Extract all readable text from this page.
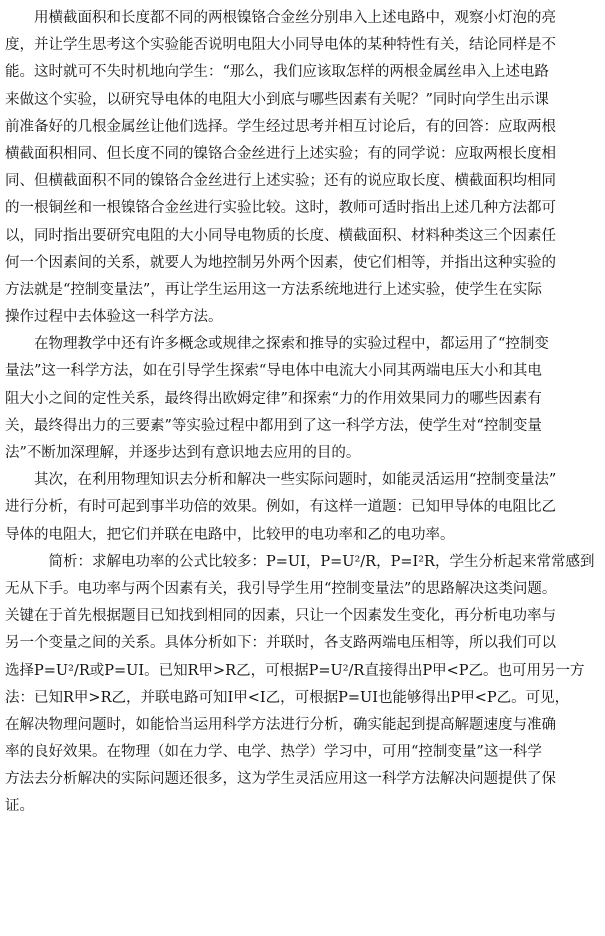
　　用横截面积和长度都不同的两根镍铬合金丝分别串入上述电路中，观察小灯泡的亮
度，并让学生思考这个实验能否说明电阻大小同导电体的某种特性有关，结论同样是不
能。这时就可不失时机地向学生：“那么，我们应该取怎样的两根金属丝串入上述电路
来做这个实验，以研究导电体的电阻大小到底与哪些因素有关呢？”同时向学生出示课
前准备好的几根金属丝让他们选择。学生经过思考并相互讨论后，有的回答：应取两根
横截面积相同、但长度不同的镍铬合金丝进行上述实验；有的同学说：应取两根长度相
同、但横截面积不同的镍铬合金丝进行上述实验；还有的说应取长度、横截面积均相同
的一根铜丝和一根镍铬合金丝进行实验比较。这时，教师可适时指出上述几种方法都可
以，同时指出要研究电阻的大小同导电物质的长度、横截面积、材料种类这三个因素任
何一个因素间的关系，就要人为地控制另外两个因素，使它们相等，并指出这种实验的
方法就是“控制变量法”，再让学生运用这一方法系统地进行上述实验，使学生在实际
操作过程中去体验这一科学方法。
　　在物理教学中还有许多概念或规律之探索和推导的实验过程中，都运用了“控制变
量法”这一科学方法，如在引导学生探索“导电体中电流大小同其两端电压大小和其电
阻大小之间的定性关系，最终得出欧姆定律”和探索“力的作用效果同力的哪些因素有
关，最终得出力的三要素”等实验过程中都用到了这一科学方法，使学生对“控制变量
法”不断加深理解，并逐步达到有意识地去应用的目的。
　　其次，在利用物理知识去分析和解决一些实际问题时，如能灵活运用“控制变量法”
进行分析，有时可起到事半功倍的效果。例如，有这样一道题：已知甲导体的电阻比乙
导体的电阻大，把它们并联在电路中，比较甲的电功率和乙的电功率。
　　　简析：求解电功率的公式比较多：P=UI，P=U²/R，P=I²R，学生分析起来常常感到
无从下手。电功率与两个因素有关，我引导学生用“控制变量法”的思路解决这类问题。
关键在于首先根据题目已知找到相同的因素，只让一个因素发生变化，再分析电功率与
另一个变量之间的关系。具体分析如下：并联时，各支路两端电压相等，所以我们可以
选择P=U²/R或P=UI。已知R甲>R乙，可根据P=U²/R直接得出P甲<P乙。也可用另一方
法：已知R甲>R乙，并联电路可知I甲<I乙，可根据P=UI也能够得出P甲<P乙。可见，
在解决物理问题时，如能恰当运用科学方法进行分析，确实能起到提高解题速度与准确
率的良好效果。在物理（如在力学、电学、热学）学习中，可用“控制变量”这一科学
方法去分析解决的实际问题还很多，这为学生灵活应用这一科学方法解决问题提供了保
证。
